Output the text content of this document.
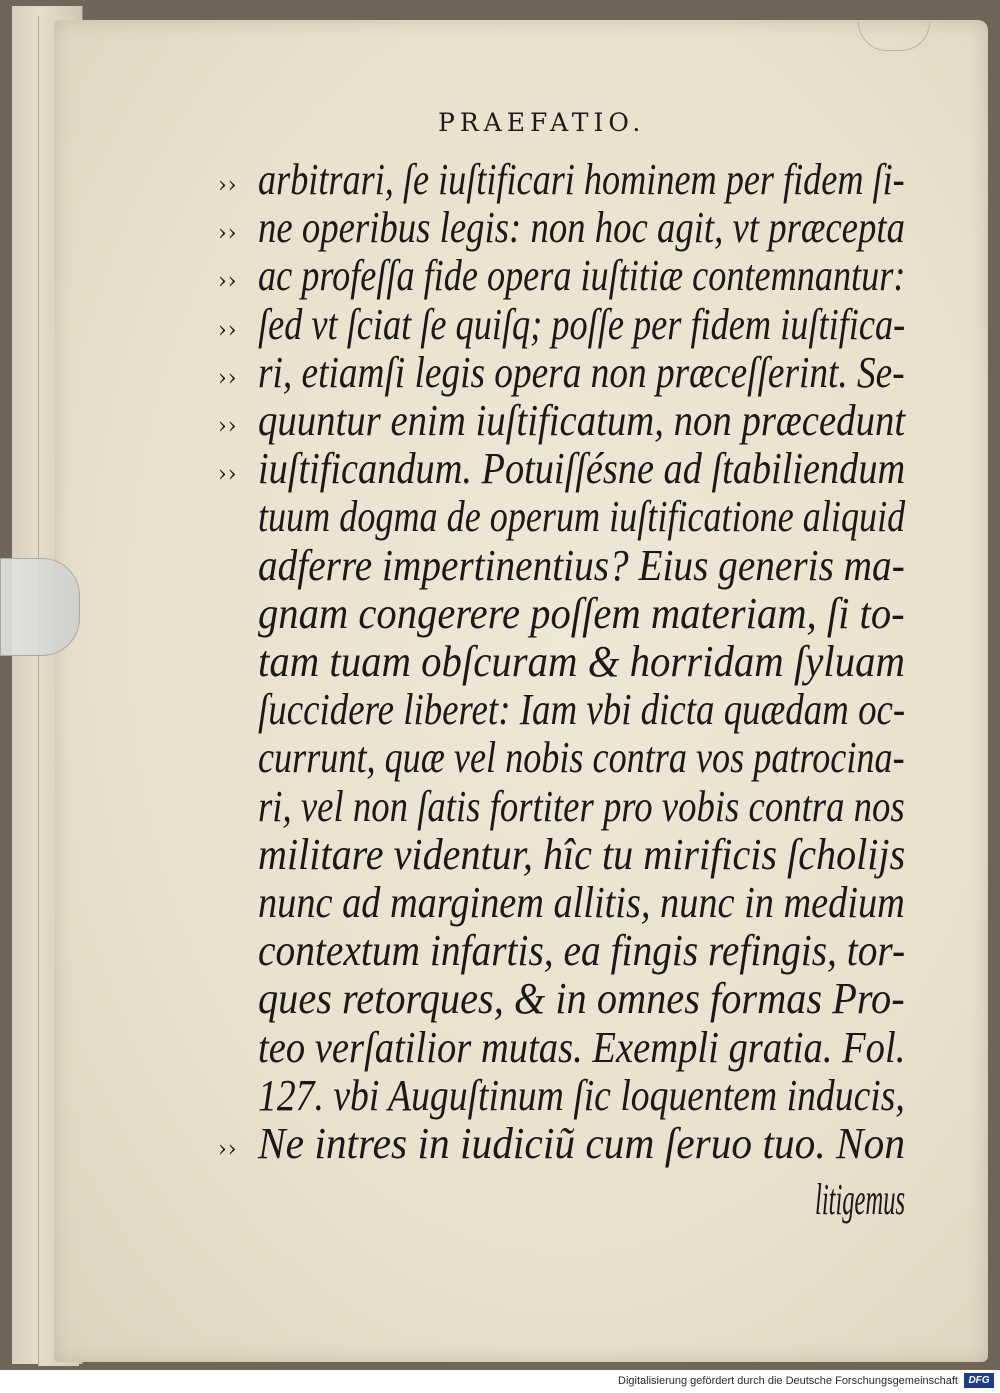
PRAEFATIO.
›› arbitrari, ſe iuſtificari hominem per fidem ſi-
›› ne operibus legis: non hoc agit, vt præcepta
›› ac profeſſa fide opera iuſtitiæ contemnantur:
›› ſed vt ſciat ſe quiſq; poſſe per fidem iuſtifica-
›› ri, etiamſi legis opera non præceſſerint. Se-
›› quuntur enim iuſtificatum, non præcedunt
›› iuſtificandum. Potuiſſésne ad ſtabiliendum
tuum dogma de operum iuſtificatione aliquid
adferre impertinentius? Eius generis ma-
gnam congerere poſſem materiam, ſi to-
tam tuam obſcuram & horridam ſyluam
ſuccidere liberet: Iam vbi dicta quædam oc-
currunt, quæ vel nobis contra vos patrocina-
ri, vel non ſatis fortiter pro vobis contra nos
militare videntur, hîc tu mirificis ſcholijs
nunc ad marginem allitis, nunc in medium
contextum infartis, ea fingis refingis, tor-
ques retorques, & in omnes formas Pro-
teo verſatilior mutas. Exempli gratia. Fol.
127. vbi Auguſtinum ſic loquentem inducis,
›› Ne intres in iudiciũ cum ſeruo tuo. Non
litigemus
Digitalisierung gefördert durch die Deutsche Forschungsgemeinschaft	DFG
